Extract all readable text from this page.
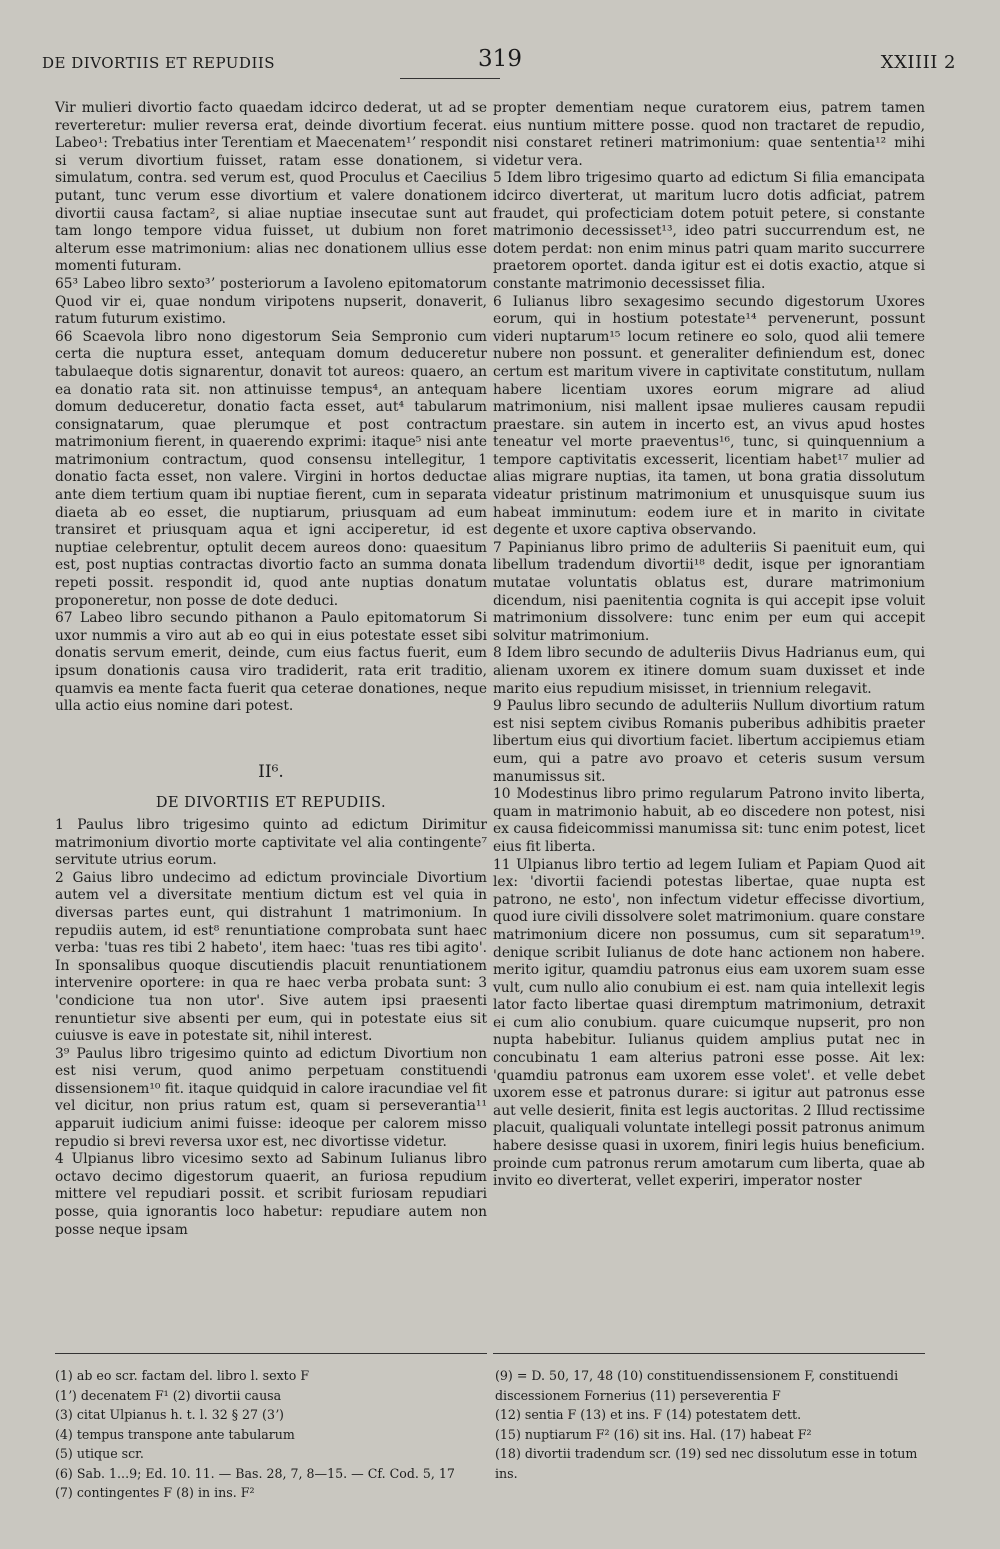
DE DIVORTIIS ET REPUDIIS	319	XXIIII 2

Vir mulieri divortio facto quaedam idcirco dederat, ut ad se reverteretur: mulier reversa erat, deinde divortium fecerat. Labeo¹: Trebatius inter Terentiam et Maecenatem¹ʼ respondit si verum divortium fuisset, ratam esse donationem, si simulatum, contra. sed verum est, quod Proculus et Caecilius putant, tunc verum esse divortium et valere donationem divortii causa factam², si aliae nuptiae insecutae sunt aut tam longo tempore vidua fuisset, ut dubium non foret alterum esse matrimonium: alias nec donationem ullius esse momenti futuram.

65³ Labeo libro sexto³ʼ posteriorum a Iavoleno epitomatorum Quod vir ei, quae nondum viripotens nupserit, donaverit, ratum futurum existimo.

66 Scaevola libro nono digestorum Seia Sempronio cum certa die nuptura esset, antequam domum deduceretur tabulaeque dotis signarentur, donavit tot aureos: quaero, an ea donatio rata sit. non attinuisse tempus⁴, an antequam domum deduceretur, donatio facta esset, aut⁴ tabularum consignatarum, quae plerumque et post contractum matrimonium fierent, in quaerendo exprimi: itaque⁵ nisi ante matrimonium contractum, quod consensu intellegitur, 1 donatio facta esset, non valere. Virgini in hortos deductae ante diem tertium quam ibi nuptiae fierent, cum in separata diaeta ab eo esset, die nuptiarum, priusquam ad eum transiret et priusquam aqua et igni acciperetur, id est nuptiae celebrentur, optulit decem aureos dono: quaesitum est, post nuptias contractas divortio facto an summa donata repeti possit. respondit id, quod ante nuptias donatum proponeretur, non posse de dote deduci.

67 Labeo libro secundo pithanon a Paulo epitomatorum Si uxor nummis a viro aut ab eo qui in eius potestate esset sibi donatis servum emerit, deinde, cum eius factus fuerit, eum ipsum donationis causa viro tradiderit, rata erit traditio, quamvis ea mente facta fuerit qua ceterae donationes, neque ulla actio eius nomine dari potest.

II⁶.
DE DIVORTIIS ET REPUDIIS.

1 Paulus libro trigesimo quinto ad edictum Dirimitur matrimonium divortio morte captivitate vel alia contingente⁷ servitute utrius eorum.

2 Gaius libro undecimo ad edictum provinciale Divortium autem vel a diversitate mentium dictum est vel quia in diversas partes eunt, qui distrahunt 1 matrimonium. In repudiis autem, id est⁸ renuntiatione comprobata sunt haec verba: 'tuas res tibi 2 habeto', item haec: 'tuas res tibi agito'. In sponsalibus quoque discutiendis placuit renuntiationem intervenire oportere: in qua re haec verba probata sunt: 3 'condicione tua non utor'. Sive autem ipsi praesenti renuntietur sive absenti per eum, qui in potestate eius sit cuiusve is eave in potestate sit, nihil interest.

3⁹ Paulus libro trigesimo quinto ad edictum Divortium non est nisi verum, quod animo perpetuam constituendi dissensionem¹⁰ fit. itaque quidquid in calore iracundiae vel fit vel dicitur, non prius ratum est, quam si perseverantia¹¹ apparuit iudicium animi fuisse: ideoque per calorem misso repudio si brevi reversa uxor est, nec divortisse videtur.

4 Ulpianus libro vicesimo sexto ad Sabinum Iulianus libro octavo decimo digestorum quaerit, an furiosa repudium mittere vel repudiari possit. et scribit furiosam repudiari posse, quia ignorantis loco habetur: repudiare autem non posse neque ipsam

propter dementiam neque curatorem eius, patrem tamen eius nuntium mittere posse. quod non tractaret de repudio, nisi constaret retineri matrimonium: quae sententia¹² mihi videtur vera.

5 Idem libro trigesimo quarto ad edictum Si filia emancipata idcirco diverterat, ut maritum lucro dotis adficiat, patrem fraudet, qui profecticiam dotem potuit petere, si constante matrimonio decessisset¹³, ideo patri succurrendum est, ne dotem perdat: non enim minus patri quam marito succurrere praetorem oportet. danda igitur est ei dotis exactio, atque si constante matrimonio decessisset filia.

6 Iulianus libro sexagesimo secundo digestorum Uxores eorum, qui in hostium potestate¹⁴ pervenerunt, possunt videri nuptarum¹⁵ locum retinere eo solo, quod alii temere nubere non possunt. et generaliter definiendum est, donec certum est maritum vivere in captivitate constitutum, nullam habere licentiam uxores eorum migrare ad aliud matrimonium, nisi mallent ipsae mulieres causam repudii praestare. sin autem in incerto est, an vivus apud hostes teneatur vel morte praeventus¹⁶, tunc, si quinquennium a tempore captivitatis excesserit, licentiam habet¹⁷ mulier ad alias migrare nuptias, ita tamen, ut bona gratia dissolutum videatur pristinum matrimonium et unusquisque suum ius habeat imminutum: eodem iure et in marito in civitate degente et uxore captiva observando.

7 Papinianus libro primo de adulteriis Si paenituit eum, qui libellum tradendum divortii¹⁸ dedit, isque per ignorantiam mutatae voluntatis oblatus est, durare matrimonium dicendum, nisi paenitentia cognita is qui accepit ipse voluit matrimonium dissolvere: tunc enim per eum qui accepit solvitur matrimonium.

8 Idem libro secundo de adulteriis Divus Hadrianus eum, qui alienam uxorem ex itinere domum suam duxisset et inde marito eius repudium misisset, in triennium relegavit.

9 Paulus libro secundo de adulteriis Nullum divortium ratum est nisi septem civibus Romanis puberibus adhibitis praeter libertum eius qui divortium faciet. libertum accipiemus etiam eum, qui a patre avo proavo et ceteris susum versum manumissus sit.

10 Modestinus libro primo regularum Patrono invito liberta, quam in matrimonio habuit, ab eo discedere non potest, nisi ex causa fideicommissi manumissa sit: tunc enim potest, licet eius fit liberta.

11 Ulpianus libro tertio ad legem Iuliam et Papiam Quod ait lex: 'divortii faciendi potestas libertae, quae nupta est patrono, ne esto', non infectum videtur effecisse divortium, quod iure civili dissolvere solet matrimonium. quare constare matrimonium dicere non possumus, cum sit separatum¹⁹. denique scribit Iulianus de dote hanc actionem non habere. merito igitur, quamdiu patronus eius eam uxorem suam esse vult, cum nullo alio conubium ei est. nam quia intellexit legis lator facto libertae quasi diremptum matrimonium, detraxit ei cum alio conubium. quare cuicumque nupserit, pro non nupta habebitur. Iulianus quidem amplius putat nec in concubinatu 1 eam alterius patroni esse posse. Ait lex: 'quamdiu patronus eam uxorem esse volet'. et velle debet uxorem esse et patronus durare: si igitur aut patronus esse aut velle desierit, finita est legis auctoritas. 2 Illud rectissime placuit, qualiquali voluntate intellegi possit patronus animum habere desisse quasi in uxorem, finiri legis huius beneficium. proinde cum patronus rerum amotarum cum liberta, quae ab invito eo diverterat, vellet experiri, imperator noster

(1) ab eo scr. factam del. libro l. sexto F
(1ʼ) decenatem F¹ (2) divortii causa
(3) citat Ulpianus h. t. l. 32 § 27 (3ʼ)
(4) tempus transpone ante tabularum
(5) utique scr.
(6) Sab. 1...9; Ed. 10. 11. — Bas. 28, 7, 8—15. — Cf. Cod. 5, 17
(7) contingentes F (8) in ins. F²
(9) = D. 50, 17, 48 (10) constituendissensionem F, constituendi discessionem Fornerius (11) perseverentia F
(12) sentia F (13) et ins. F (14) potestatem dett.
(15) nuptiarum F² (16) sit ins. Hal. (17) habeat F²
(18) divortii tradendum scr. (19) sed nec dissolutum esse in totum ins.
